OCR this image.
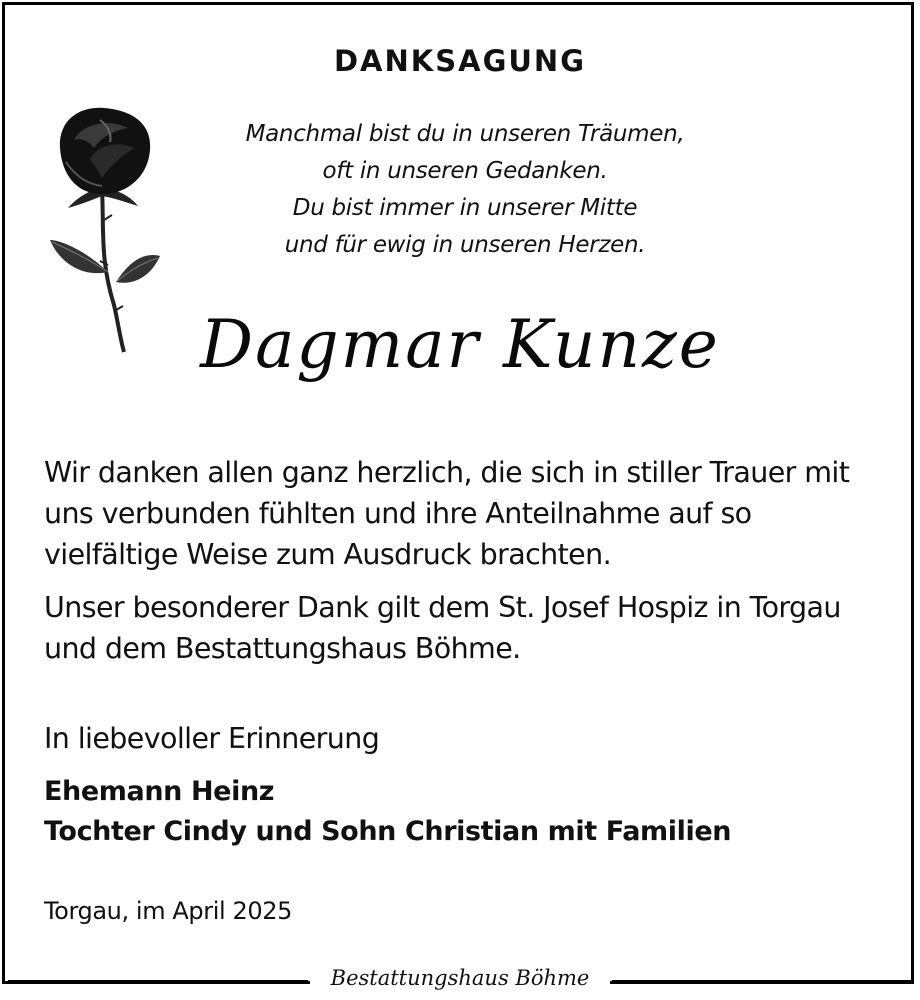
DANKSAGUNG
Manchmal bist du in unseren Träumen,
oft in unseren Gedanken.
Du bist immer in unserer Mitte
und für ewig in unseren Herzen.
Dagmar Kunze
Wir danken allen ganz herzlich, die sich in stiller Trauer mit uns verbunden fühlten und ihre Anteilnahme auf so vielfältige Weise zum Ausdruck brachten.
Unser besonderer Dank gilt dem St. Josef Hospiz in Torgau und dem Bestattungshaus Böhme.
In liebevoller Erinnerung
Ehemann Heinz
Tochter Cindy und Sohn Christian mit Familien
Torgau, im April 2025
Bestattungshaus Böhme
